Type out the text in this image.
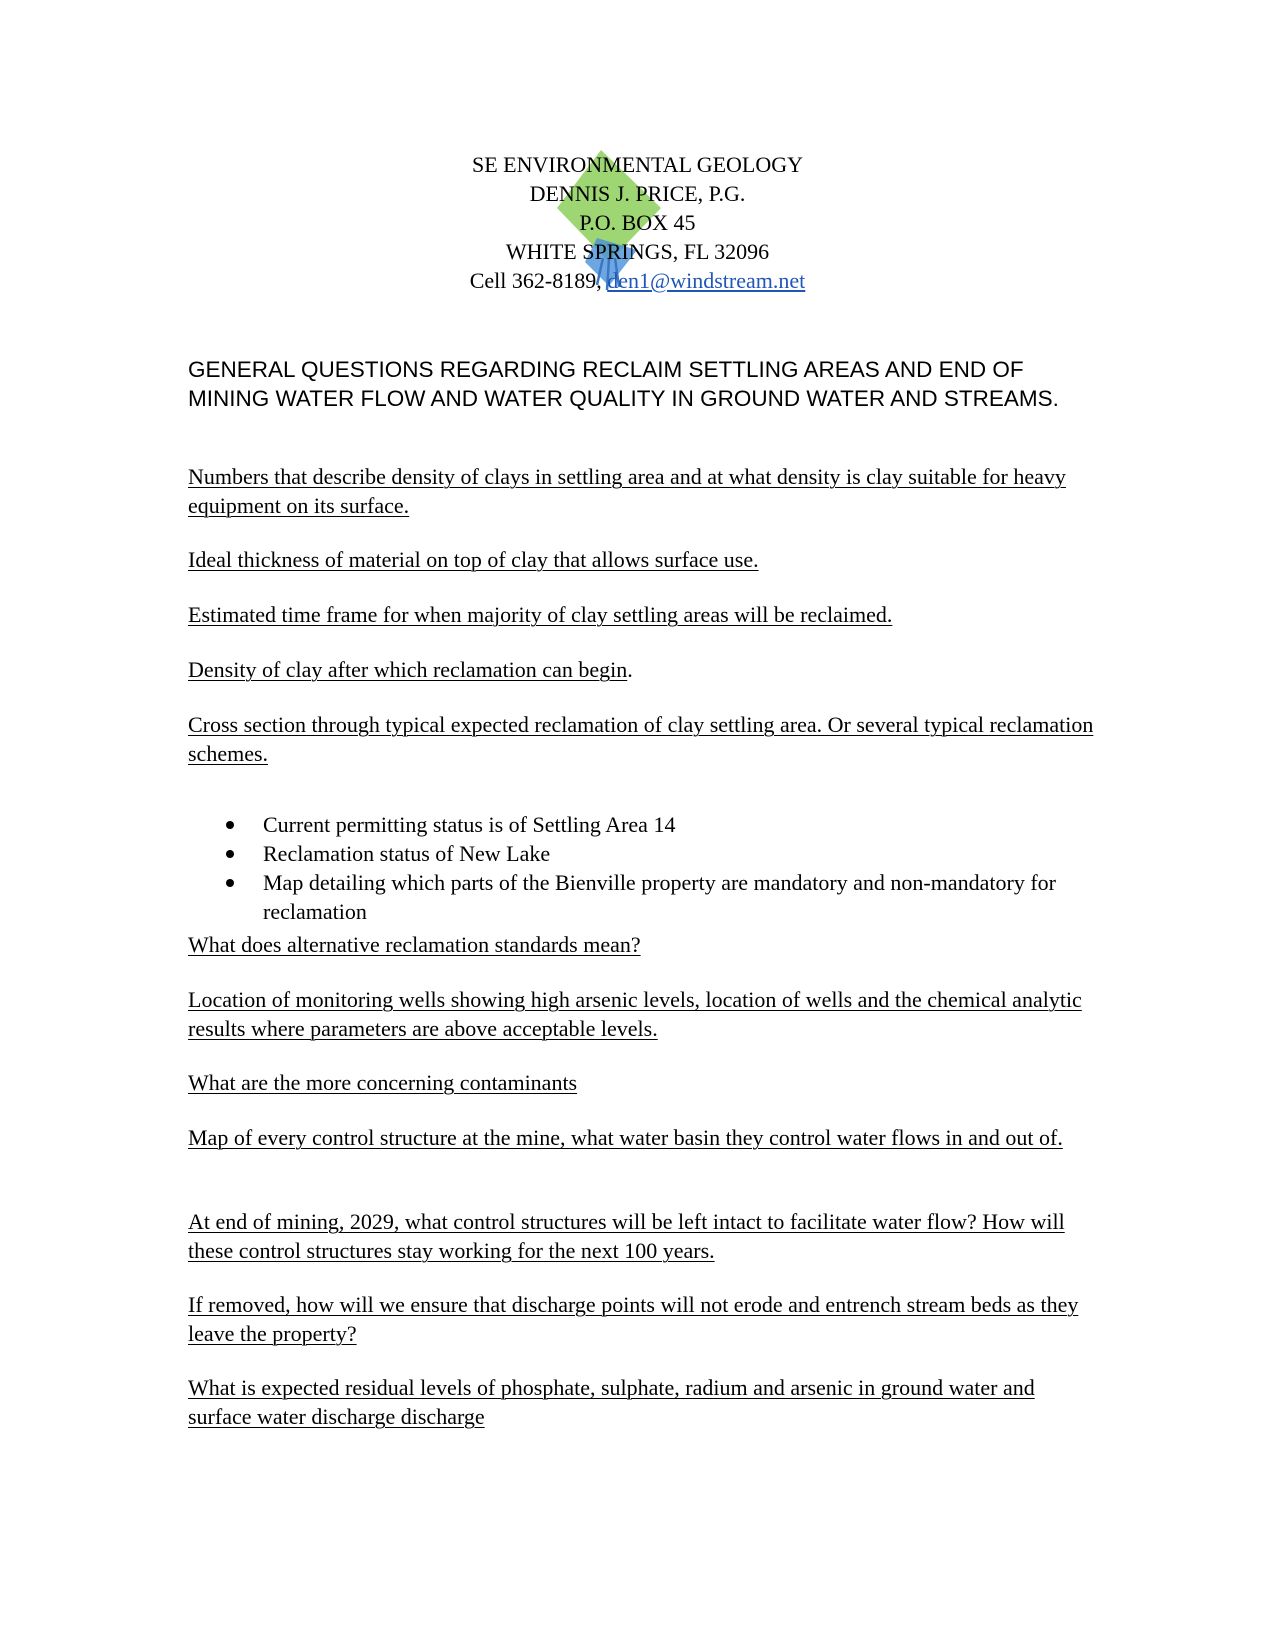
SE ENVIRONMENTAL GEOLOGY
DENNIS J. PRICE, P.G.
P.O. BOX 45
WHITE SPRINGS, FL 32096
Cell 362-8189, den1@windstream.net
GENERAL QUESTIONS REGARDING RECLAIM SETTLING AREAS AND END OF MINING WATER FLOW AND WATER QUALITY IN GROUND WATER AND STREAMS.
Numbers that describe density of clays in settling area and at what density is clay suitable for heavy equipment on its surface.
Ideal thickness of material on top of clay that allows surface use.
Estimated time frame for when majority of clay settling areas will be reclaimed.
Density of clay after which reclamation can begin.
Cross section through typical expected reclamation of clay settling area. Or several typical reclamation schemes.
Current permitting status is of Settling Area 14
Reclamation status of New Lake
Map detailing which parts of the Bienville property are mandatory and non-mandatory for reclamation
What does alternative reclamation standards mean?
Location of monitoring wells showing high arsenic levels, location of wells and the chemical analytic results where parameters are above acceptable levels.
What are the more concerning contaminants
Map of every control structure at the mine, what water basin they control water flows in and out of.
At end of mining, 2029, what control structures will be left intact to facilitate water flow? How will these control structures stay working for the next 100 years.
If removed, how will we ensure that discharge points will not erode and entrench stream beds as they leave the property?
What is expected residual levels of phosphate, sulphate, radium and arsenic in ground water and surface water discharge discharge
